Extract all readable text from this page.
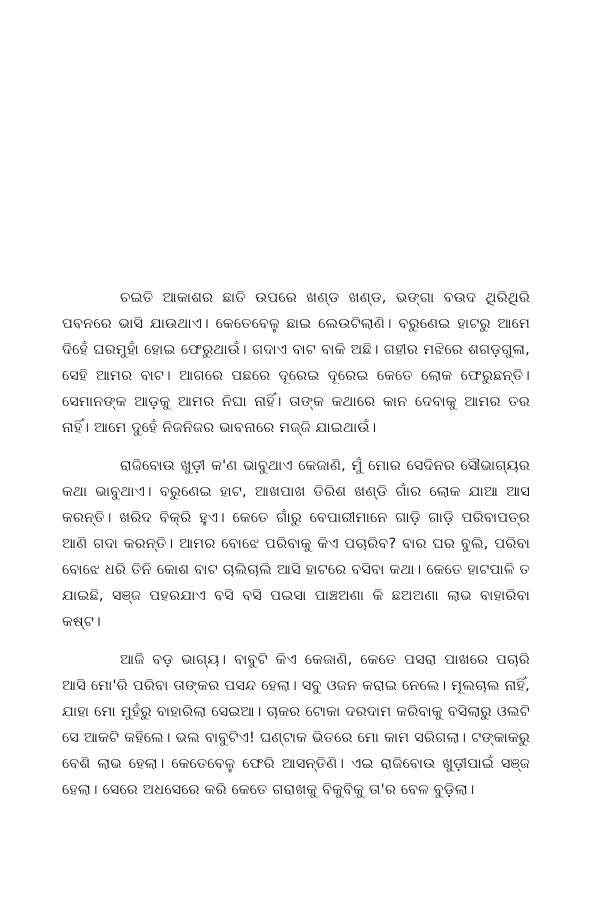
ଚଇତି ଆକାଶର ଛାତି ଉପରେ ଖଣ୍ଡ ଖଣ୍ଡ, ଭଙ୍ଗା ବଉଦ ଥିରିଥିରି ପବନରେ ଭାସି ଯାଉଥାଏ। କେତେବେଳୁ ଛାଇ ଲେଉଟିଲାଣି। ବରୁଣେଇ ହାଟରୁ ଆମେ ଦିହେଁ ଘରମୁହାଁ ହୋଇ ଫେରୁଥାଉଁ। ଗଦାଏ ବାଟ ବାକି ଅଛି। ଗହୀର ମଝିରେ ଶଗଡ଼ଗୁଳା, ସେହି ଆମର ବାଟ। ଆଗରେ ପଛରେ ଦୂରେଇ ଦୂରେଇ କେତେ ଲୋକ ଫେରୁଛନ୍ତି। ସେମାନଙ୍କ ଆଡ଼କୁ ଆମର ନିଘା ନାହିଁ। ତାଙ୍କ କଥାରେ କାନ ଦେବାକୁ ଆମର ତର ନାହିଁ। ଆମେ ଦୁହେଁ ନିଜନିଜର ଭାବନାରେ ମଜ୍ଜି ଯାଇଥାଉଁ।

ରାଜିବୋଉ ଖୁଡ଼ୀ କ'ଣ ଭାବୁଥାଏ କେଜାଣି, ମୁଁ ମୋର ସେଦିନର ସୌଭାଗ୍ୟର କଥା ଭାବୁଥାଏ। ବରୁଣେଇ ହାଟ, ଆଖପାଖ ତିରିଶ ଖଣ୍ଡି ଗାଁର ଲୋକ ଯାଆ ଆସ କରନ୍ତି। ଖରିଦ ବିକ୍ରି ହୁଏ। କେତେ ଗାଁରୁ ବେପାରୀମାନେ ଗାଡ଼ି ଗାଡ଼ି ପରିବାପତ୍ର ଆଣି ଗଦା କରନ୍ତି। ଆମର ବୋଝେ ପରିବାକୁ କିଏ ପଚାରିବ? ବାର ଘର ବୁଲି, ପରିବା ବୋଝେ ଧରି ତିନି କୋଶ ବାଟ ଚାଲିଚାଲି ଆସି ହାଟରେ ବସିବା କଥା। କେତେ ହାଟପାଳି ତ ଯାଇଛି, ସଞ୍ଜ ପହରଯାଏ ବସି ବସି ପଇସା ପାଞ୍ଚଅଣା କି ଛଅଅଣା ଲାଭ ବାହାରିବା କଷ୍ଟ।

ଆଜି ବଡ଼ ଭାଗ୍ୟ। ବାବୁଟି କିଏ କେଜାଣି, କେତେ ପସରା ପାଖରେ ପଚାରି ଆସି ମୋ'ରି ପରିବା ତାଙ୍କର ପସନ୍ଦ ହେଲା। ସବୁ ଓଜନ କରାଇ ନେଲେ। ମୂଲଚାଲ ନାହିଁ, ଯାହା ମୋ ମୁହଁରୁ ବାହାରିଲା ସେଇଆ। ଚାକର ଟୋକା ଦରଦାମ କରିବାକୁ ବସିଲାରୁ ଓଲଟି ସେ ଆକଟି କହିଲେ। ଭଲ ବାବୁଟିଏ! ଘଣ୍ଟାକ ଭିତରେ ମୋ କାମ ସରିଗଲା। ଟଙ୍କାକରୁ ବେଶି ଲାଭ ହେଲା। କେତେବେଳୁ ଫେରି ଆସନ୍ତିଣି। ଏଇ ରାଜିବୋଉ ଖୁଡ଼ୀପାଇଁ ସଞ୍ଜ ହେଲା। ସେରେ ଅଧସେରେ କରି କେତେ ଗରାଖକୁ ବିକୁବିକୁ ତା'ର ବେଳ ବୁଡ଼ିଲା।
